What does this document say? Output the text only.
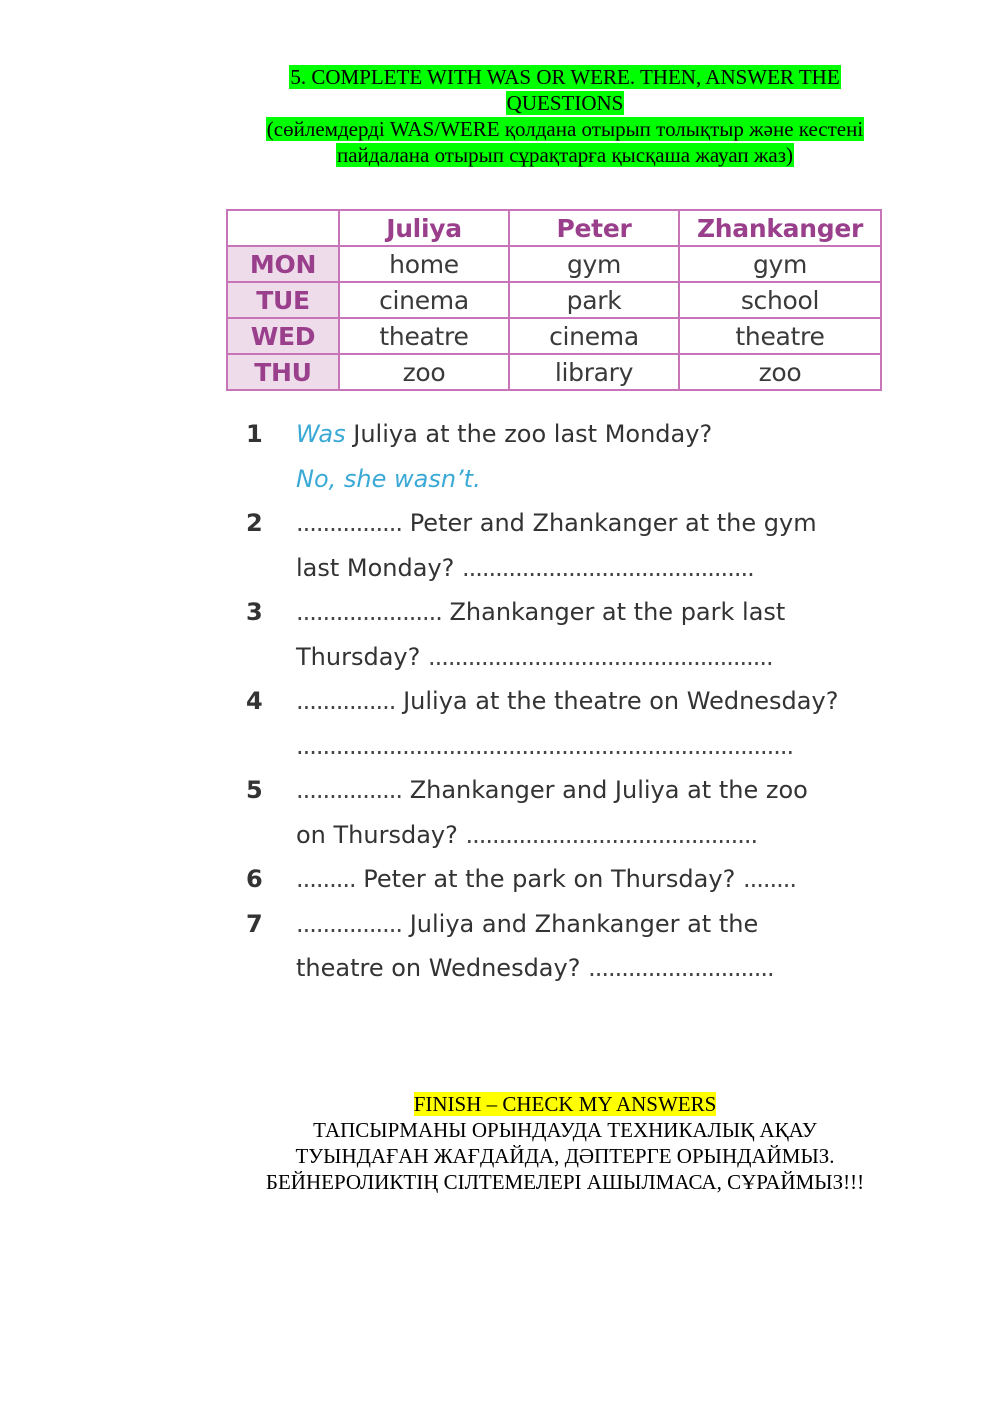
5. COMPLETE WITH WAS OR WERE. THEN, ANSWER THE
QUESTIONS
(сөйлемдерді WAS/WERE қолдана отырып толықтыр және кестені
пайдалана отырып сұрақтарға қысқаша жауап жаз)
	Juliya	Peter	Zhankanger
MON	home	gym	gym
TUE	cinema	park	school
WED	theatre	cinema	theatre
THU	zoo	library	zoo
1 Was Juliya at the zoo last Monday?
No, she wasn’t.
2 ................ Peter and Zhankanger at the gym
last Monday? ............................................
3 ...................... Zhankanger at the park last
Thursday? ....................................................
4 ............... Juliya at the theatre on Wednesday?
...........................................................................
5 ................ Zhankanger and Juliya at the zoo
on Thursday? ............................................
6 ......... Peter at the park on Thursday? ........
7 ................ Juliya and Zhankanger at the
theatre on Wednesday? ............................
FINISH – CHECK MY ANSWERS
ТАПСЫРМАНЫ ОРЫНДАУДА ТЕХНИКАЛЫҚ АҚАУ
ТУЫНДАҒАН ЖАҒДАЙДА, ДӘПТЕРГЕ ОРЫНДАЙМЫЗ.
БЕЙНЕРОЛИКТІҢ СІЛТЕМЕЛЕРІ АШЫЛМАСА, СҰРАЙМЫЗ!!!
